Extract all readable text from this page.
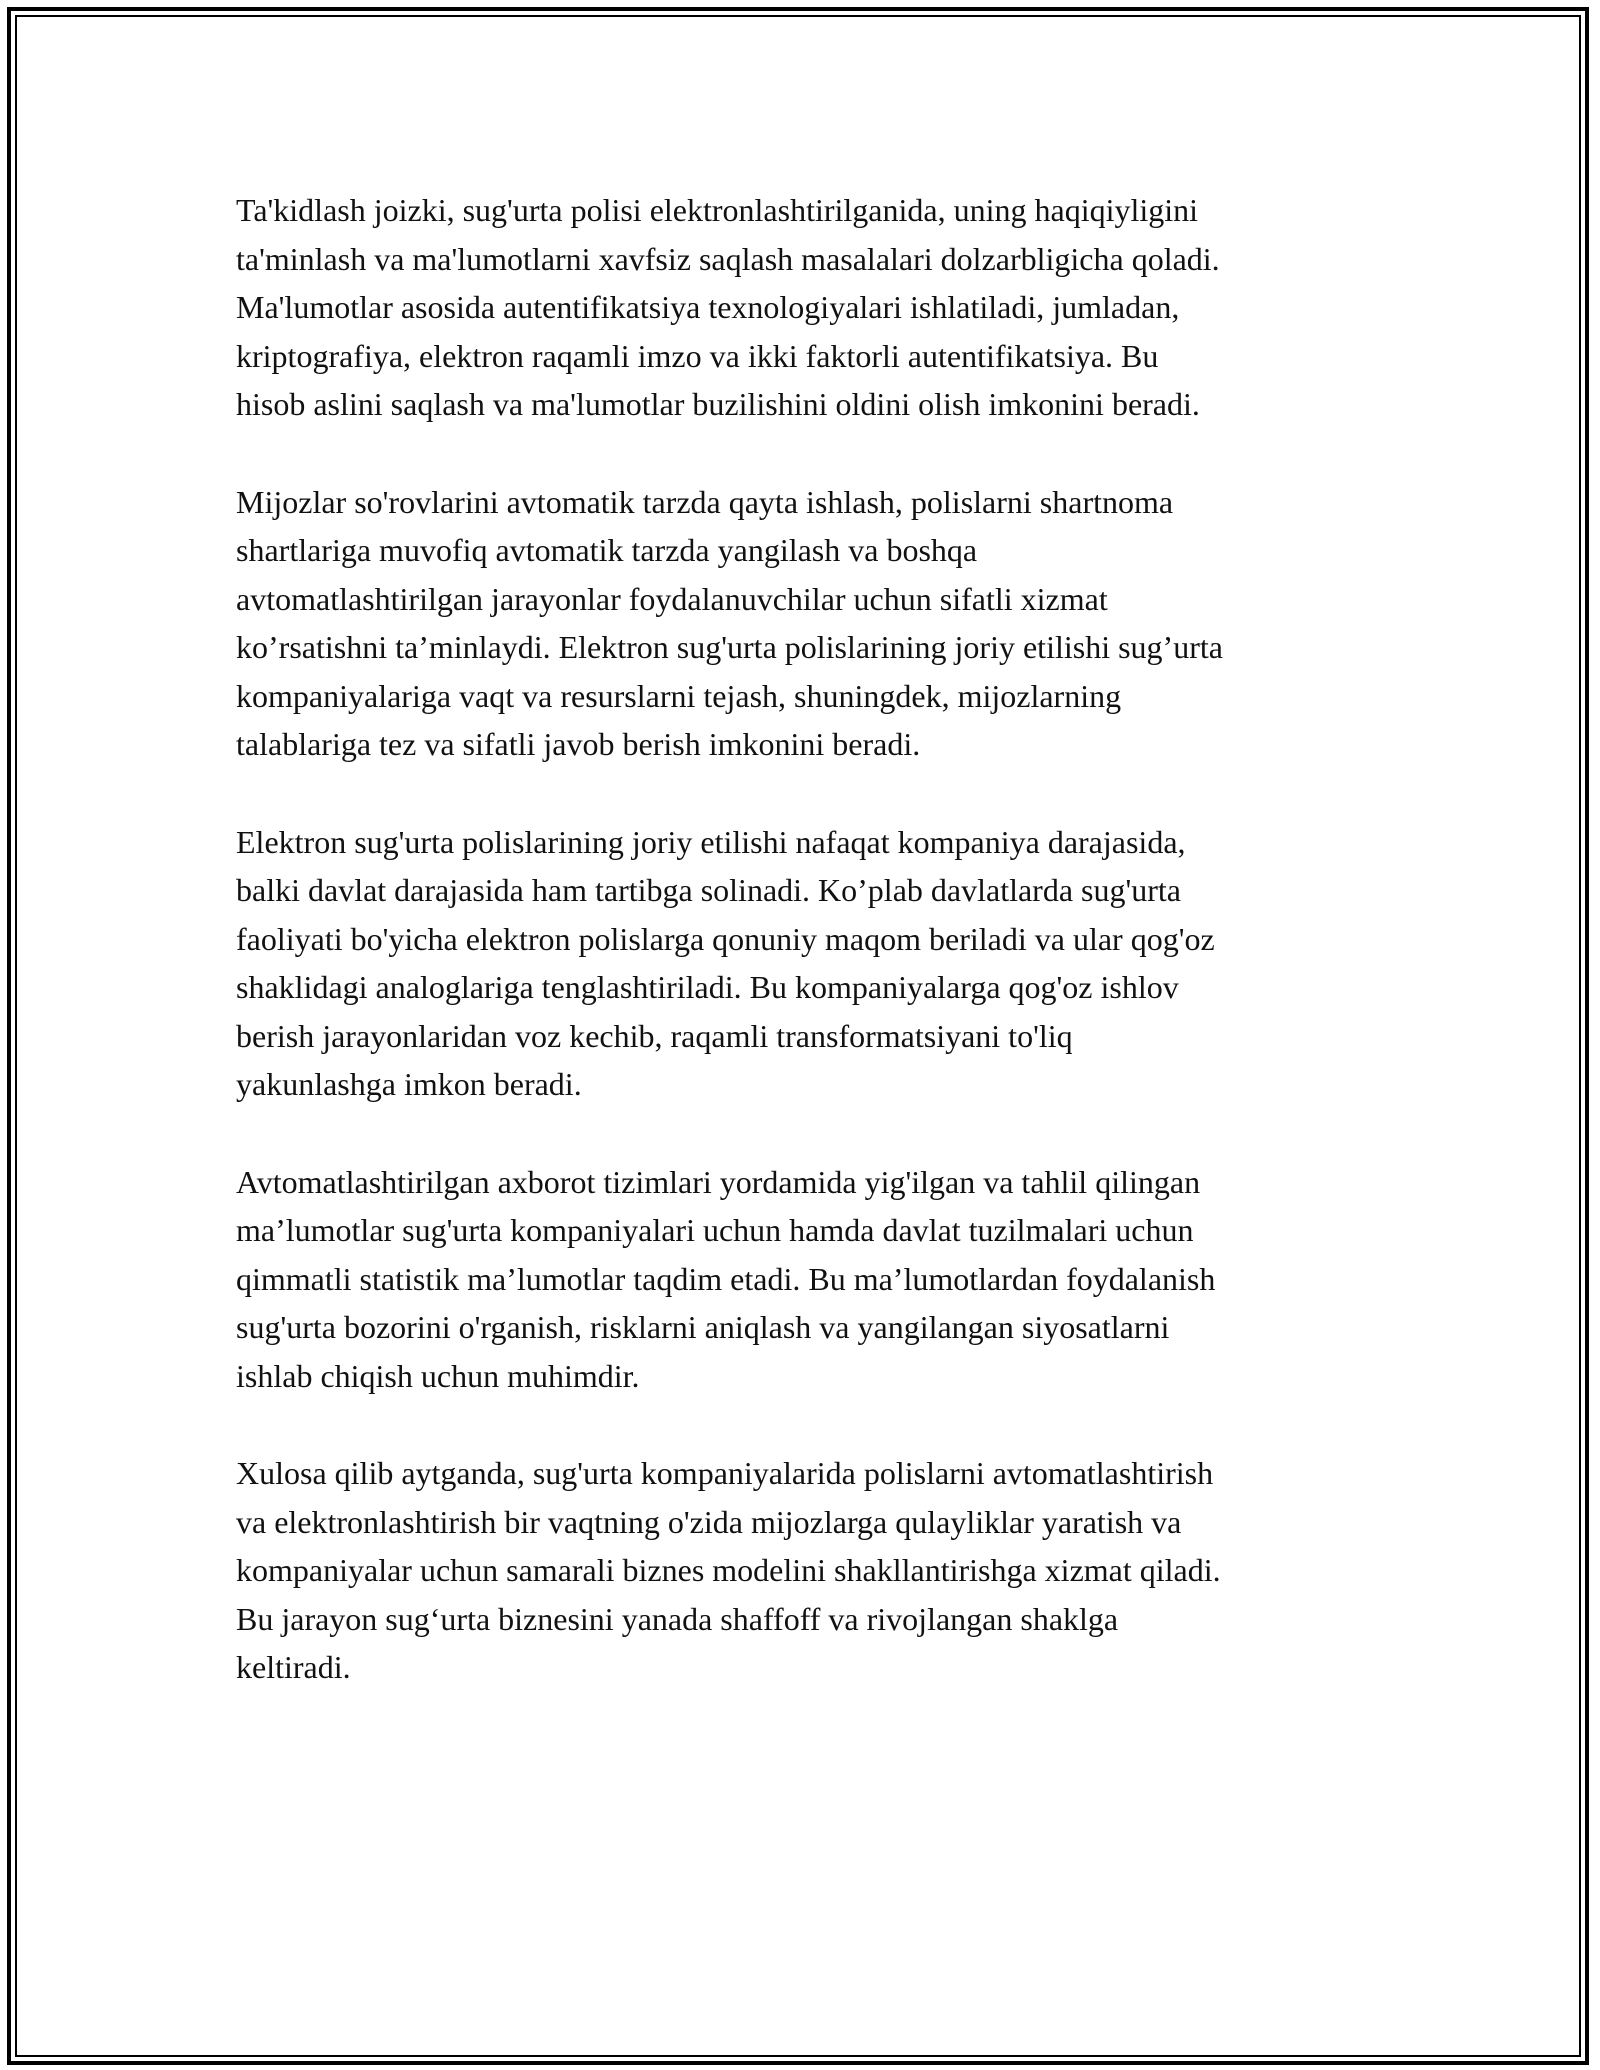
Ta'kidlash joizki, sug'urta polisi elektronlashtirilganida, uning haqiqiyligini
ta'minlash va ma'lumotlarni xavfsiz saqlash masalalari dolzarbligicha qoladi.
Ma'lumotlar asosida autentifikatsiya texnologiyalari ishlatiladi, jumladan,
kriptografiya, elektron raqamli imzo va ikki faktorli autentifikatsiya. Bu
hisob aslini saqlash va ma'lumotlar buzilishini oldini olish imkonini beradi.

Mijozlar so'rovlarini avtomatik tarzda qayta ishlash, polislarni shartnoma
shartlariga muvofiq avtomatik tarzda yangilash va boshqa
avtomatlashtirilgan jarayonlar foydalanuvchilar uchun sifatli xizmat
ko’rsatishni ta’minlaydi. Elektron sug'urta polislarining joriy etilishi sug’urta
kompaniyalariga vaqt va resurslarni tejash, shuningdek, mijozlarning
talablariga tez va sifatli javob berish imkonini beradi.

Elektron sug'urta polislarining joriy etilishi nafaqat kompaniya darajasida,
balki davlat darajasida ham tartibga solinadi. Ko’plab davlatlarda sug'urta
faoliyati bo'yicha elektron polislarga qonuniy maqom beriladi va ular qog'oz
shaklidagi analoglariga tenglashtiriladi. Bu kompaniyalarga qog'oz ishlov
berish jarayonlaridan voz kechib, raqamli transformatsiyani to'liq
yakunlashga imkon beradi.

Avtomatlashtirilgan axborot tizimlari yordamida yig'ilgan va tahlil qilingan
ma’lumotlar sug'urta kompaniyalari uchun hamda davlat tuzilmalari uchun
qimmatli statistik ma’lumotlar taqdim etadi. Bu ma’lumotlardan foydalanish
sug'urta bozorini o'rganish, risklarni aniqlash va yangilangan siyosatlarni
ishlab chiqish uchun muhimdir.

Xulosa qilib aytganda, sug'urta kompaniyalarida polislarni avtomatlashtirish
va elektronlashtirish bir vaqtning o'zida mijozlarga qulayliklar yaratish va
kompaniyalar uchun samarali biznes modelini shakllantirishga xizmat qiladi.
Bu jarayon sug‘urta biznesini yanada shaffoff va rivojlangan shaklga
keltiradi.
